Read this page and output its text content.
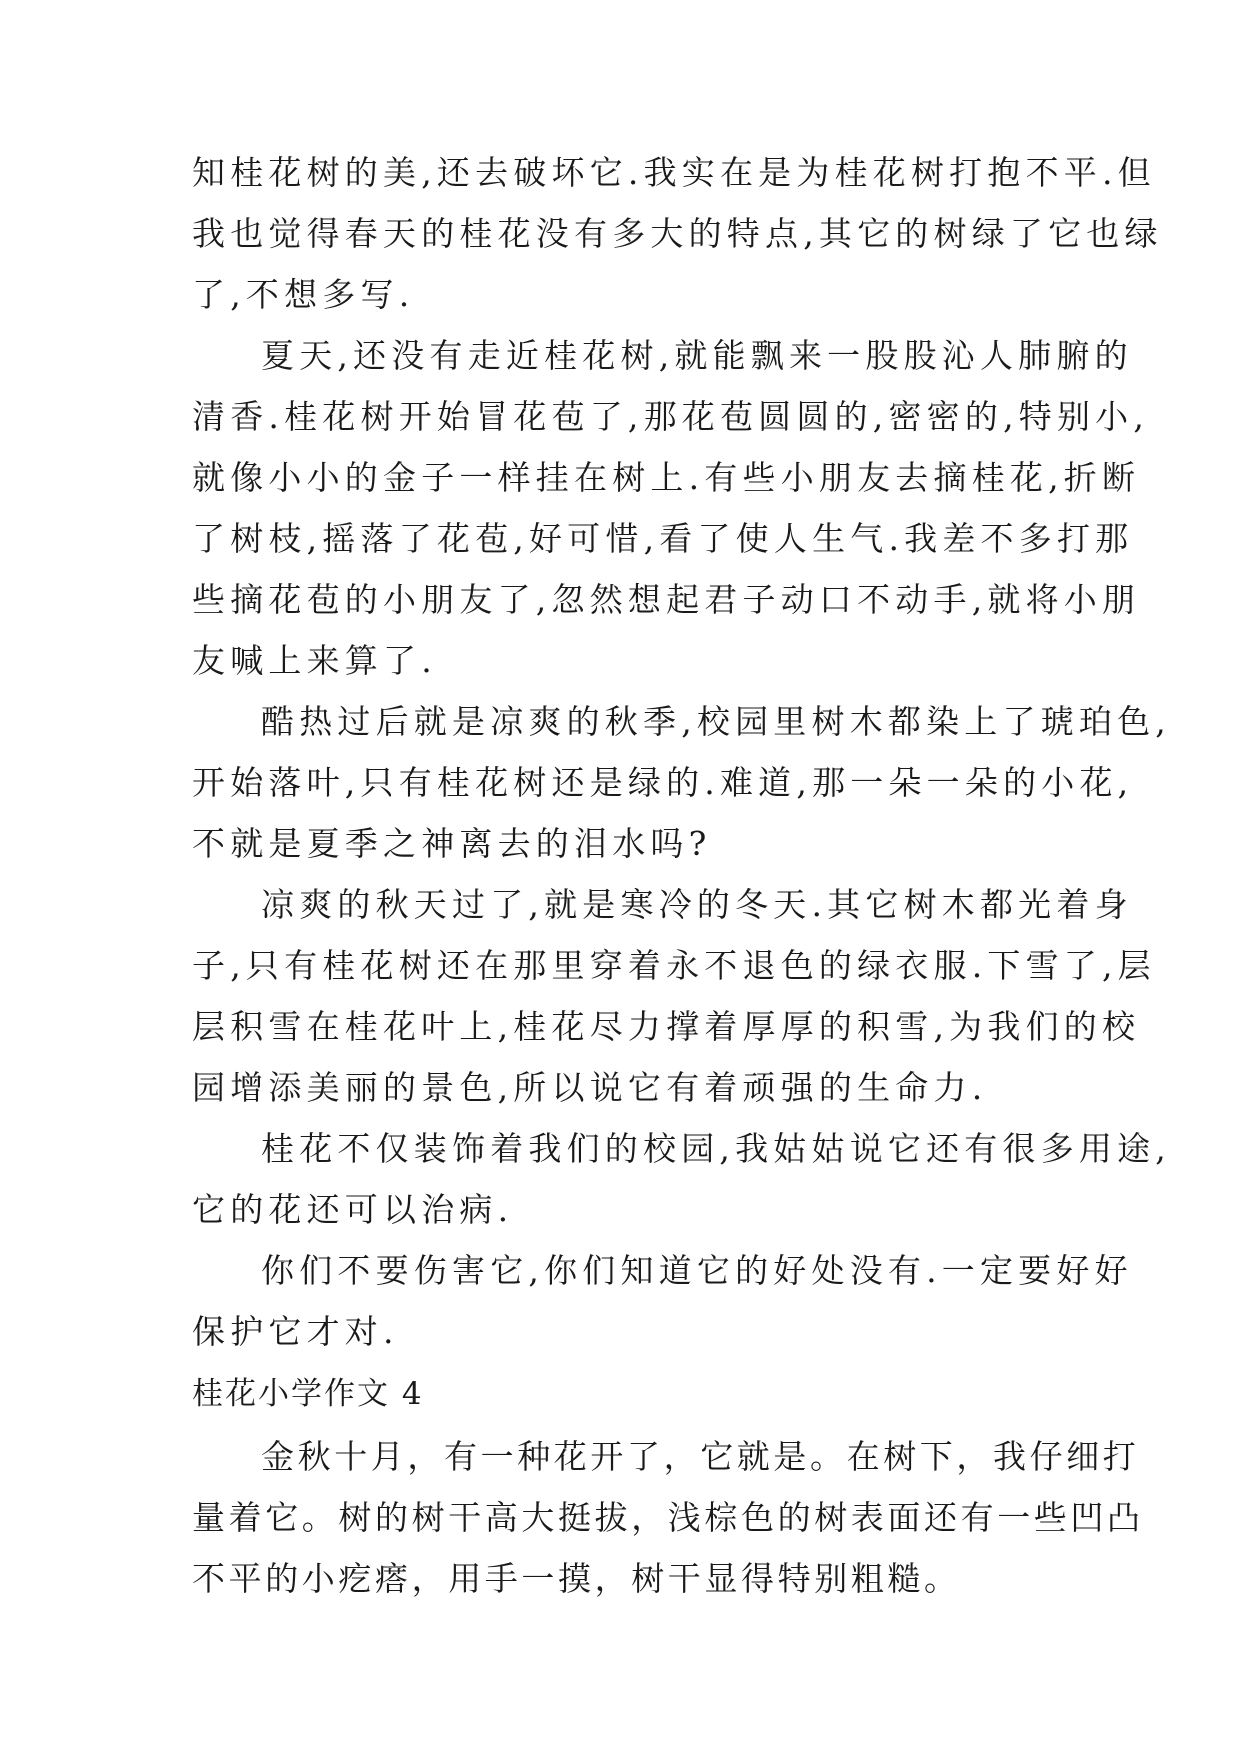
知桂花树的美,还去破坏它.我实在是为桂花树打抱不平.但
我也觉得春天的桂花没有多大的特点,其它的树绿了它也绿
了,不想多写.
夏天,还没有走近桂花树,就能飘来一股股沁人肺腑的
清香.桂花树开始冒花苞了,那花苞圆圆的,密密的,特别小,
就像小小的金子一样挂在树上.有些小朋友去摘桂花,折断
了树枝,摇落了花苞,好可惜,看了使人生气.我差不多打那
些摘花苞的小朋友了,忽然想起君子动口不动手,就将小朋
友喊上来算了.
酷热过后就是凉爽的秋季,校园里树木都染上了琥珀色,
开始落叶,只有桂花树还是绿的.难道,那一朵一朵的小花,
不就是夏季之神离去的泪水吗?
凉爽的秋天过了,就是寒冷的冬天.其它树木都光着身
子,只有桂花树还在那里穿着永不退色的绿衣服.下雪了,层
层积雪在桂花叶上,桂花尽力撑着厚厚的积雪,为我们的校
园增添美丽的景色,所以说它有着顽强的生命力.
桂花不仅装饰着我们的校园,我姑姑说它还有很多用途,
它的花还可以治病.
你们不要伤害它,你们知道它的好处没有.一定要好好
保护它才对.
桂花小学作文 4
金秋十月，有一种花开了，它就是。在树下，我仔细打
量着它。树的树干高大挺拔，浅棕色的树表面还有一些凹凸
不平的小疙瘩，用手一摸，树干显得特别粗糙。
